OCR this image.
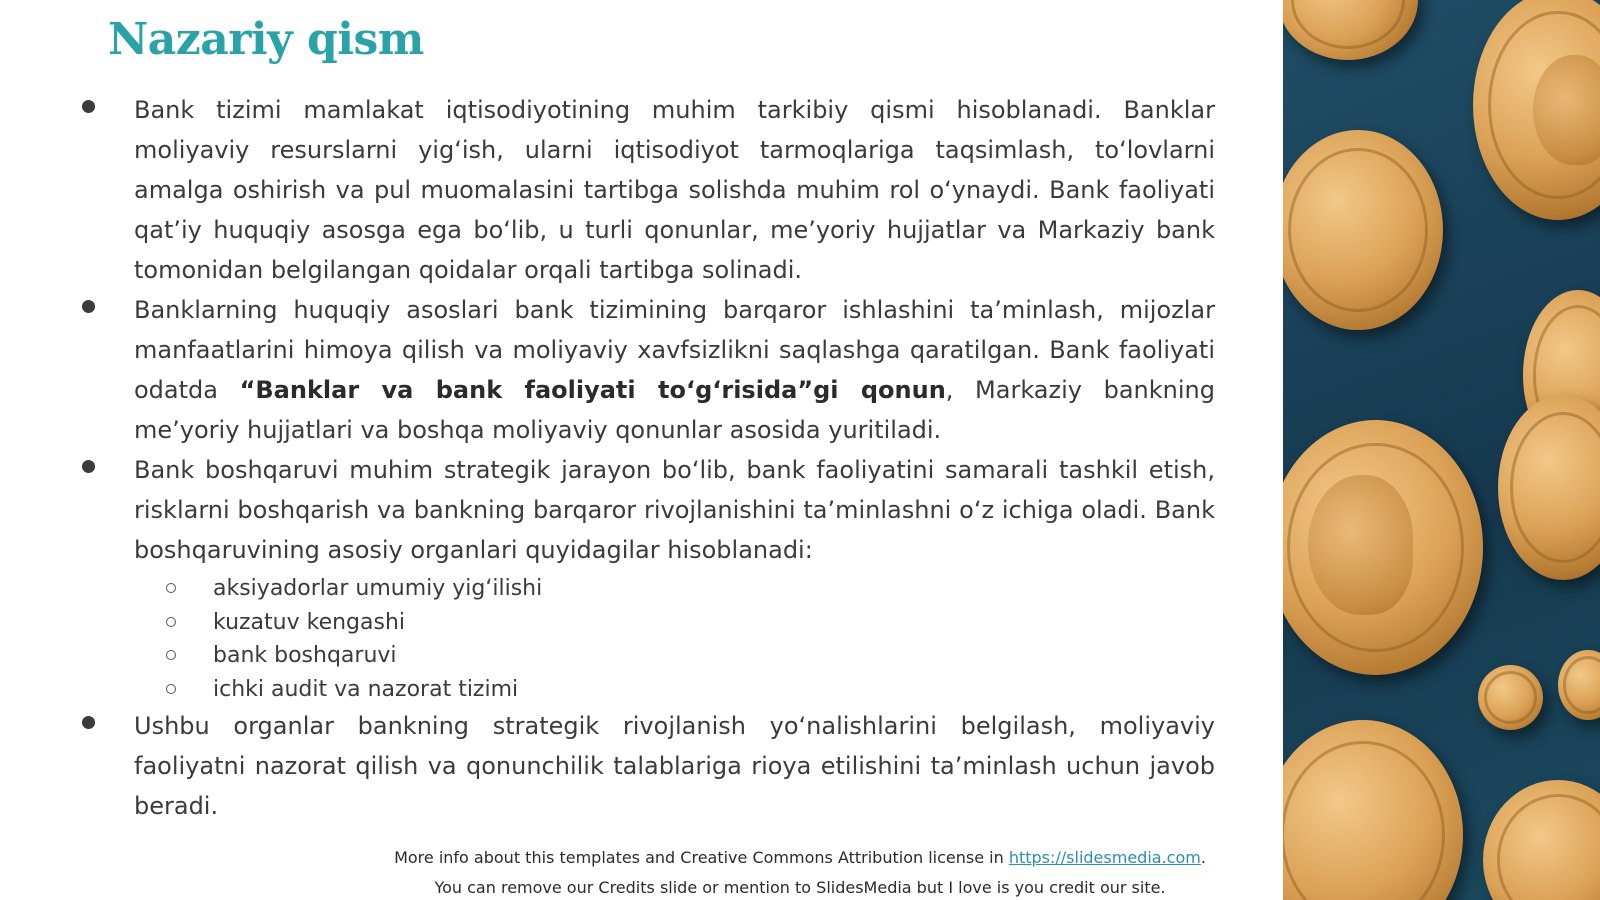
Nazariy qism
Bank tizimi mamlakat iqtisodiyotining muhim tarkibiy qismi hisoblanadi. Banklar moliyaviy resurslarni yig‘ish, ularni iqtisodiyot tarmoqlariga taqsimlash, to‘lovlarni amalga oshirish va pul muomalasini tartibga solishda muhim rol o‘ynaydi. Bank faoliyati qat’iy huquqiy asosga ega bo‘lib, u turli qonunlar, me’yoriy hujjatlar va Markaziy bank tomonidan belgilangan qoidalar orqali tartibga solinadi.
Banklarning huquqiy asoslari bank tizimining barqaror ishlashini ta’minlash, mijozlar manfaatlarini himoya qilish va moliyaviy xavfsizlikni saqlashga qaratilgan. Bank faoliyati odatda “Banklar va bank faoliyati to‘g‘risida”gi qonun, Markaziy bankning me’yoriy hujjatlari va boshqa moliyaviy qonunlar asosida yuritiladi.
Bank boshqaruvi muhim strategik jarayon bo‘lib, bank faoliyatini samarali tashkil etish, risklarni boshqarish va bankning barqaror rivojlanishini ta’minlashni o‘z ichiga oladi. Bank boshqaruvining asosiy organlari quyidagilar hisoblanadi:
aksiyadorlar umumiy yig‘ilishi
kuzatuv kengashi
bank boshqaruvi
ichki audit va nazorat tizimi
Ushbu organlar bankning strategik rivojlanish yo‘nalishlarini belgilash, moliyaviy faoliyatni nazorat qilish va qonunchilik talablariga rioya etilishini ta’minlash uchun javob beradi.
More info about this templates and Creative Commons Attribution license in https://slidesmedia.com.
You can remove our Credits slide or mention to SlidesMedia but I love is you credit our site.
